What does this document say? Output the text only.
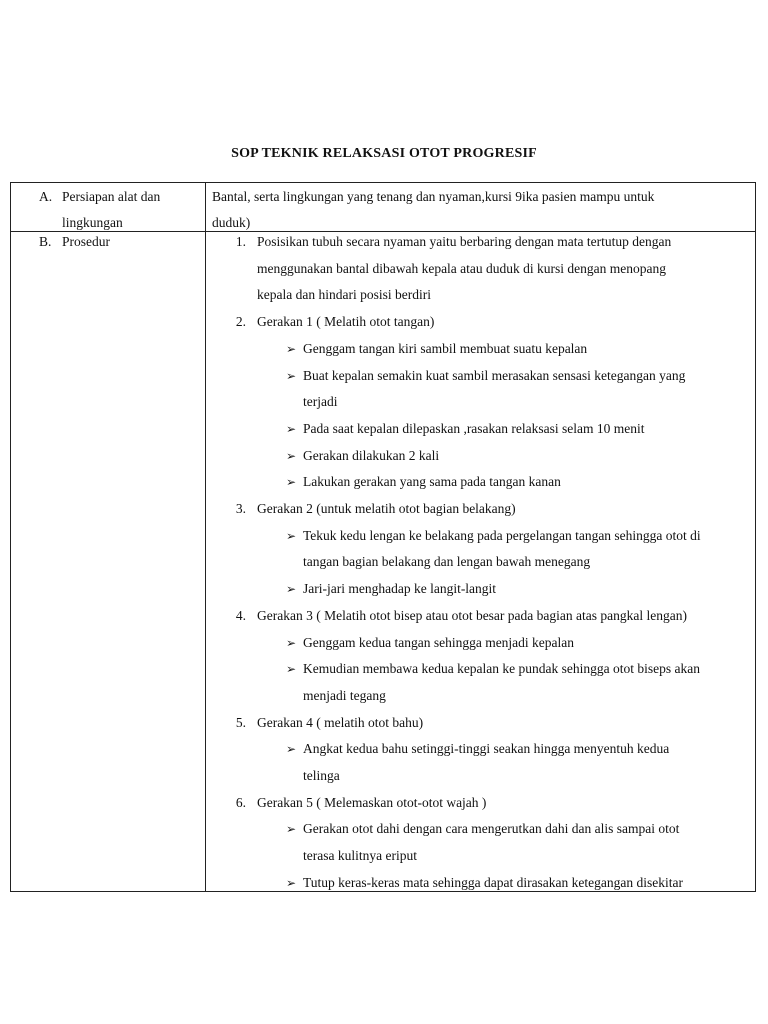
SOP TEKNIK RELAKSASI OTOT PROGRESIF
A. Persiapan alat dan
lingkungan
Bantal, serta lingkungan yang tenang dan nyaman,kursi 9ika pasien mampu untuk
duduk)
B. Prosedur	1. Posisikan tubuh secara nyaman yaitu berbaring dengan mata tertutup dengan
menggunakan bantal dibawah kepala atau duduk di kursi dengan menopang
kepala dan hindari posisi berdiri
2. Gerakan 1 ( Melatih otot tangan)
➢ Genggam tangan kiri sambil membuat suatu kepalan
➢ Buat kepalan semakin kuat sambil merasakan sensasi ketegangan yang
terjadi
➢ Pada saat kepalan dilepaskan ,rasakan relaksasi selam 10 menit
➢ Gerakan dilakukan 2 kali
➢ Lakukan gerakan yang sama pada tangan kanan
3. Gerakan 2 (untuk melatih otot bagian belakang)
➢ Tekuk kedu lengan ke belakang pada pergelangan tangan sehingga otot di
tangan bagian belakang dan lengan bawah menegang
➢ Jari-jari menghadap ke langit-langit
4. Gerakan 3 ( Melatih otot bisep atau otot besar pada bagian atas pangkal lengan)
➢ Genggam kedua tangan sehingga menjadi kepalan
➢ Kemudian membawa kedua kepalan ke pundak sehingga otot biseps akan
menjadi tegang
5. Gerakan 4 ( melatih otot bahu)
➢ Angkat kedua bahu setinggi-tinggi seakan hingga menyentuh kedua
telinga
6. Gerakan 5 ( Melemaskan otot-otot wajah )
➢ Gerakan otot dahi dengan cara mengerutkan dahi dan alis sampai otot
terasa kulitnya eriput
➢ Tutup keras-keras mata sehingga dapat dirasakan ketegangan disekitar
